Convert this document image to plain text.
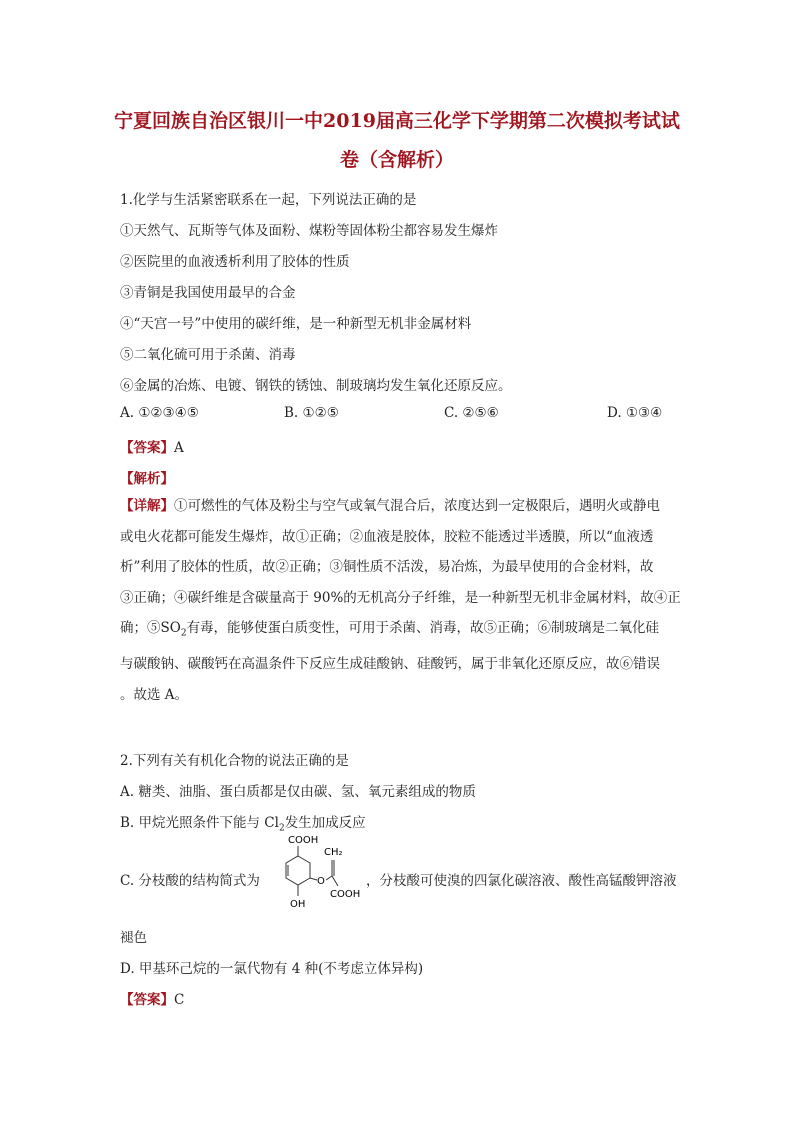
宁夏回族自治区银川一中2019届高三化学下学期第二次模拟考试试
卷（含解析）
1.化学与生活紧密联系在一起，下列说法正确的是
①天然气、瓦斯等气体及面粉、煤粉等固体粉尘都容易发生爆炸
②医院里的血液透析利用了胶体的性质
③青铜是我国使用最早的合金
④“天宫一号”中使用的碳纤维，是一种新型无机非金属材料
⑤二氧化硫可用于杀菌、消毒
⑥金属的冶炼、电镀、钢铁的锈蚀、制玻璃均发生氧化还原反应。
A. ①②③④⑤	B. ①②⑤	C. ②⑤⑥	D. ①③④
【答案】A
【解析】
【详解】①可燃性的气体及粉尘与空气或氧气混合后，浓度达到一定极限后，遇明火或静电
或电火花都可能发生爆炸，故①正确；②血液是胶体，胶粒不能透过半透膜，所以“血液透
析”利用了胶体的性质，故②正确；③铜性质不活泼，易冶炼，为最早使用的合金材料，故
③正确；④碳纤维是含碳量高于 90%的无机高分子纤维，是一种新型无机非金属材料，故④正
确；$⑤SO_2$有毒，能够使蛋白质变性，可用于杀菌、消毒，故⑤正确；⑥制玻璃是二氧化硅
与碳酸钠、碳酸钙在高温条件下反应生成硅酸钠、硅酸钙，属于非氧化还原反应，故⑥错误
。故选 A。
2.下列有关有机化合物的说法正确的是
A. 糖类、油脂、蛋白质都是仅由碳、氢、氧元素组成的物质
B. 甲烷光照条件下能与 $Cl_2$发生加成反应
C. 分枝酸的结构简式为
COOH
OH
O
CH₂
COOH
，分枝酸可使溴的四氯化碳溶液、酸性高锰酸钾溶液
褪色
D. 甲基环己烷的一氯代物有 4 种(不考虑立体异构)
【答案】C
